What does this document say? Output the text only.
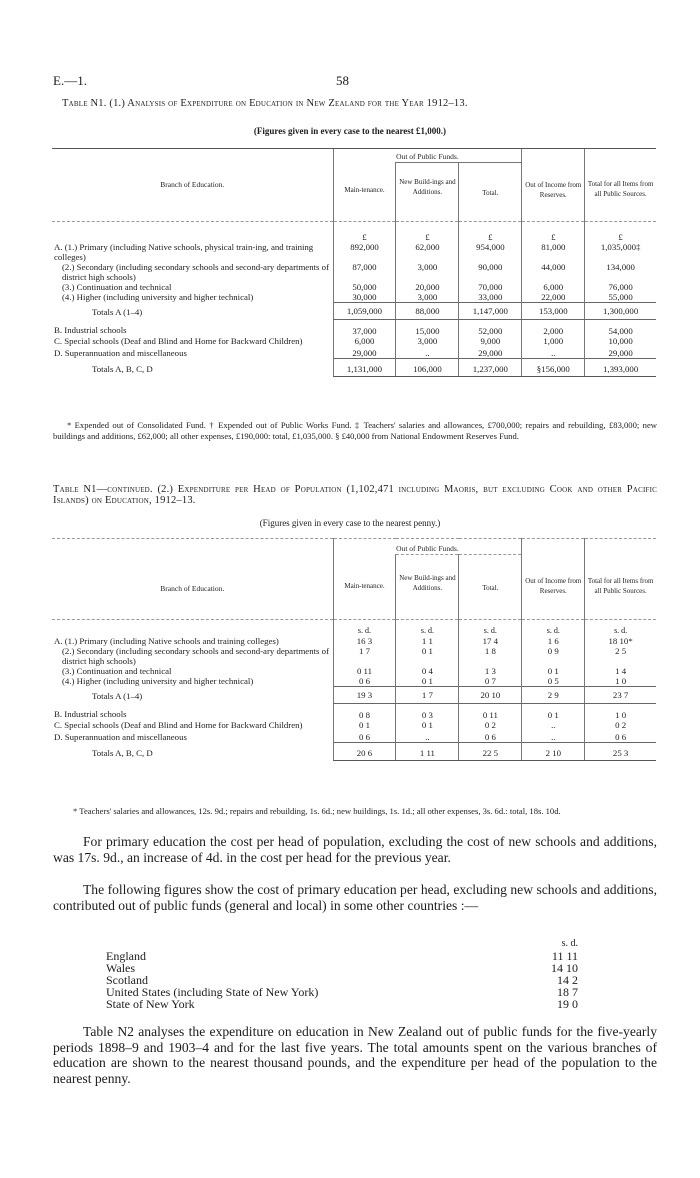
E.—1.	58
Table N1. (1.) Analysis of Expenditure on Education in New Zealand for the Year 1912–13.
(Figures given in every case to the nearest £1,000.)
Branch of Education.	Out of Public Funds.			Out of Income from Reserves.	Total for all Items from all Public Sources.
	Main-tenance.	New Build-ings and Additions.	Total.		
	£	£	£	£	£
A. (1.) Primary (including Native schools, physical train-ing, and training colleges)	892,000	62,000	954,000	81,000	1,035,000‡
(2.) Secondary (including secondary schools and second-ary departments of district high schools)	87,000	3,000	90,000	44,000	134,000
(3.) Continuation and technical	50,000	20,000	70,000	6,000	76,000
(4.) Higher (including university and higher technical)	30,000	3,000	33,000	22,000	55,000
Totals A (1–4)	1,059,000	88,000	1,147,000	153,000	1,300,000
B. Industrial schools	37,000	15,000	52,000	2,000	54,000
C. Special schools (Deaf and Blind and Home for Backward Children)	6,000	3,000	9,000	1,000	10,000
D. Superannuation and miscellaneous	29,000	..	29,000	..	29,000
Totals A, B, C, D	1,131,000	106,000	1,237,000	§156,000	1,393,000
* Expended out of Consolidated Fund. † Expended out of Public Works Fund. ‡ Teachers' salaries and allowances, £700,000; repairs and rebuilding, £83,000; new buildings and additions, £62,000; all other expenses, £190,000: total, £1,035,000. § £40,000 from National Endowment Reserves Fund.
Table N1—continued. (2.) Expenditure per Head of Population (1,102,471 including Maoris, but excluding Cook and other Pacific Islands) on Education, 1912–13.
(Figures given in every case to the nearest penny.)
Branch of Education.	Out of Public Funds.			Out of Income from Reserves.	Total for all Items from all Public Sources.
	Main-tenance.	New Build-ings and Additions.	Total.		
	s. d.	s. d.	s. d.	s. d.	s. d.
A. (1.) Primary (including Native schools and training colleges)	16 3	1 1	17 4	1 6	18 10*
(2.) Secondary (including secondary schools and second-ary departments of district high schools)	1 7	0 1	1 8	0 9	2 5
(3.) Continuation and technical	0 11	0 4	1 3	0 1	1 4
(4.) Higher (including university and higher technical)	0 6	0 1	0 7	0 5	1 0
Totals A (1–4)	19 3	1 7	20 10	2 9	23 7
B. Industrial schools	0 8	0 3	0 11	0 1	1 0
C. Special schools (Deaf and Blind and Home for Backward Children)	0 1	0 1	0 2	..	0 2
D. Superannuation and miscellaneous	0 6	..	0 6	..	0 6
Totals A, B, C, D	20 6	1 11	22 5	2 10	25 3
* Teachers' salaries and allowances, 12s. 9d.; repairs and rebuilding, 1s. 6d.; new buildings, 1s. 1d.; all other expenses, 3s. 6d.: total, 18s. 10d.
For primary education the cost per head of population, excluding the cost of new schools and additions, was 17s. 9d., an increase of 4d. in the cost per head for the previous year.
The following figures show the cost of primary education per head, excluding new schools and additions, contributed out of public funds (general and local) in some other countries :—
s. d.
England	11 11
Wales	14 10
Scotland	14 2
United States (including State of New York)	18 7
State of New York	19 0
Table N2 analyses the expenditure on education in New Zealand out of public funds for the five-yearly periods 1898–9 and 1903–4 and for the last five years. The total amounts spent on the various branches of education are shown to the nearest thousand pounds, and the expenditure per head of the population to the nearest penny.
